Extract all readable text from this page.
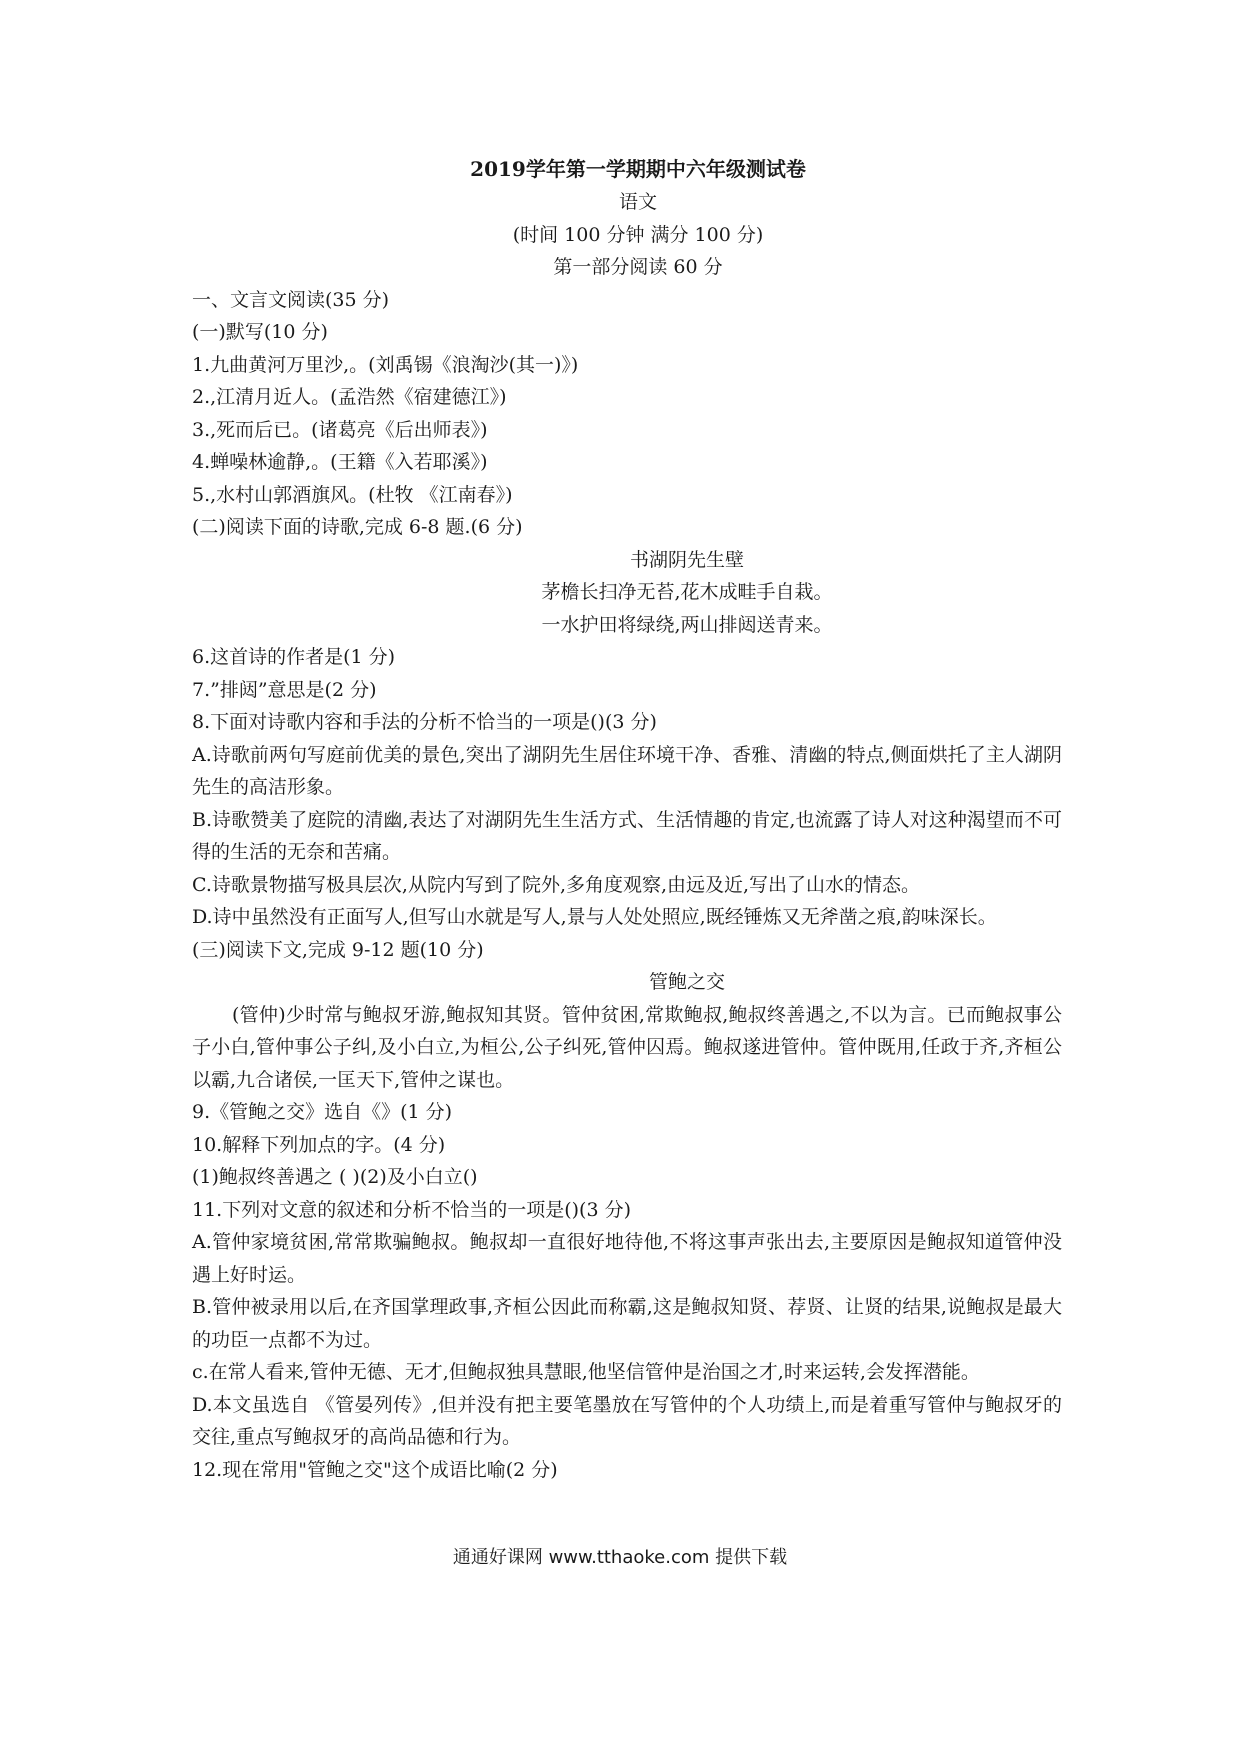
2019学年第一学期期中六年级测试卷
语文
(时间 100 分钟 满分 100 分)
第一部分阅读 60 分
一、文言文阅读(35 分)
(一)默写(10 分)
1.九曲黄河万里沙,。(刘禹锡《浪淘沙(其一)》)
2.,江清月近人。(孟浩然《宿建德江》)
3.,死而后已。(诸葛亮《后出师表》)
4.蝉噪林逾静,。(王籍《入若耶溪》)
5.,水村山郭酒旗风。(杜牧 《江南春》)
(二)阅读下面的诗歌,完成 6-8 题.(6 分)
书湖阴先生壁
茅檐长扫净无苔,花木成畦手自栽。
一水护田将绿绕,两山排闼送青来。
6.这首诗的作者是(1 分)
7.”排闼”意思是(2 分)
8.下面对诗歌内容和手法的分析不恰当的一项是()(3 分)
A.诗歌前两句写庭前优美的景色,突出了湖阴先生居住环境干净、香雅、清幽的特点,侧面烘托了主人湖阴先生的高洁形象。
B.诗歌赞美了庭院的清幽,表达了对湖阴先生生活方式、生活情趣的肯定,也流露了诗人对这种渴望而不可得的生活的无奈和苦痛。
C.诗歌景物描写极具层次,从院内写到了院外,多角度观察,由远及近,写出了山水的情态。
D.诗中虽然没有正面写人,但写山水就是写人,景与人处处照应,既经锤炼又无斧凿之痕,韵味深长。
(三)阅读下文,完成 9-12 题(10 分)
管鲍之交
(管仲)少时常与鲍叔牙游,鲍叔知其贤。管仲贫困,常欺鲍叔,鲍叔终善遇之,不以为言。已而鲍叔事公子小白,管仲事公子纠,及小白立,为桓公,公子纠死,管仲囚焉。鲍叔遂进管仲。管仲既用,任政于齐,齐桓公以霸,九合诸侯,一匡天下,管仲之谋也。
9.《管鲍之交》选自《》(1 分)
10.解释下列加点的字。(4 分)
(1)鲍叔终善遇之 ( )(2)及小白立()
11.下列对文意的叙述和分析不恰当的一项是()(3 分)
A.管仲家境贫困,常常欺骗鲍叔。鲍叔却一直很好地待他,不将这事声张出去,主要原因是鲍叔知道管仲没遇上好时运。
B.管仲被录用以后,在齐国掌理政事,齐桓公因此而称霸,这是鲍叔知贤、荐贤、让贤的结果,说鲍叔是最大的功臣一点都不为过。
c.在常人看来,管仲无德、无才,但鲍叔独具慧眼,他坚信管仲是治国之才,时来运转,会发挥潜能。
D.本文虽选自 《管晏列传》,但并没有把主要笔墨放在写管仲的个人功绩上,而是着重写管仲与鲍叔牙的交往,重点写鲍叔牙的高尚品德和行为。
12.现在常用"管鲍之交"这个成语比喻(2 分)
通通好课网 www.tthaoke.com 提供下载
